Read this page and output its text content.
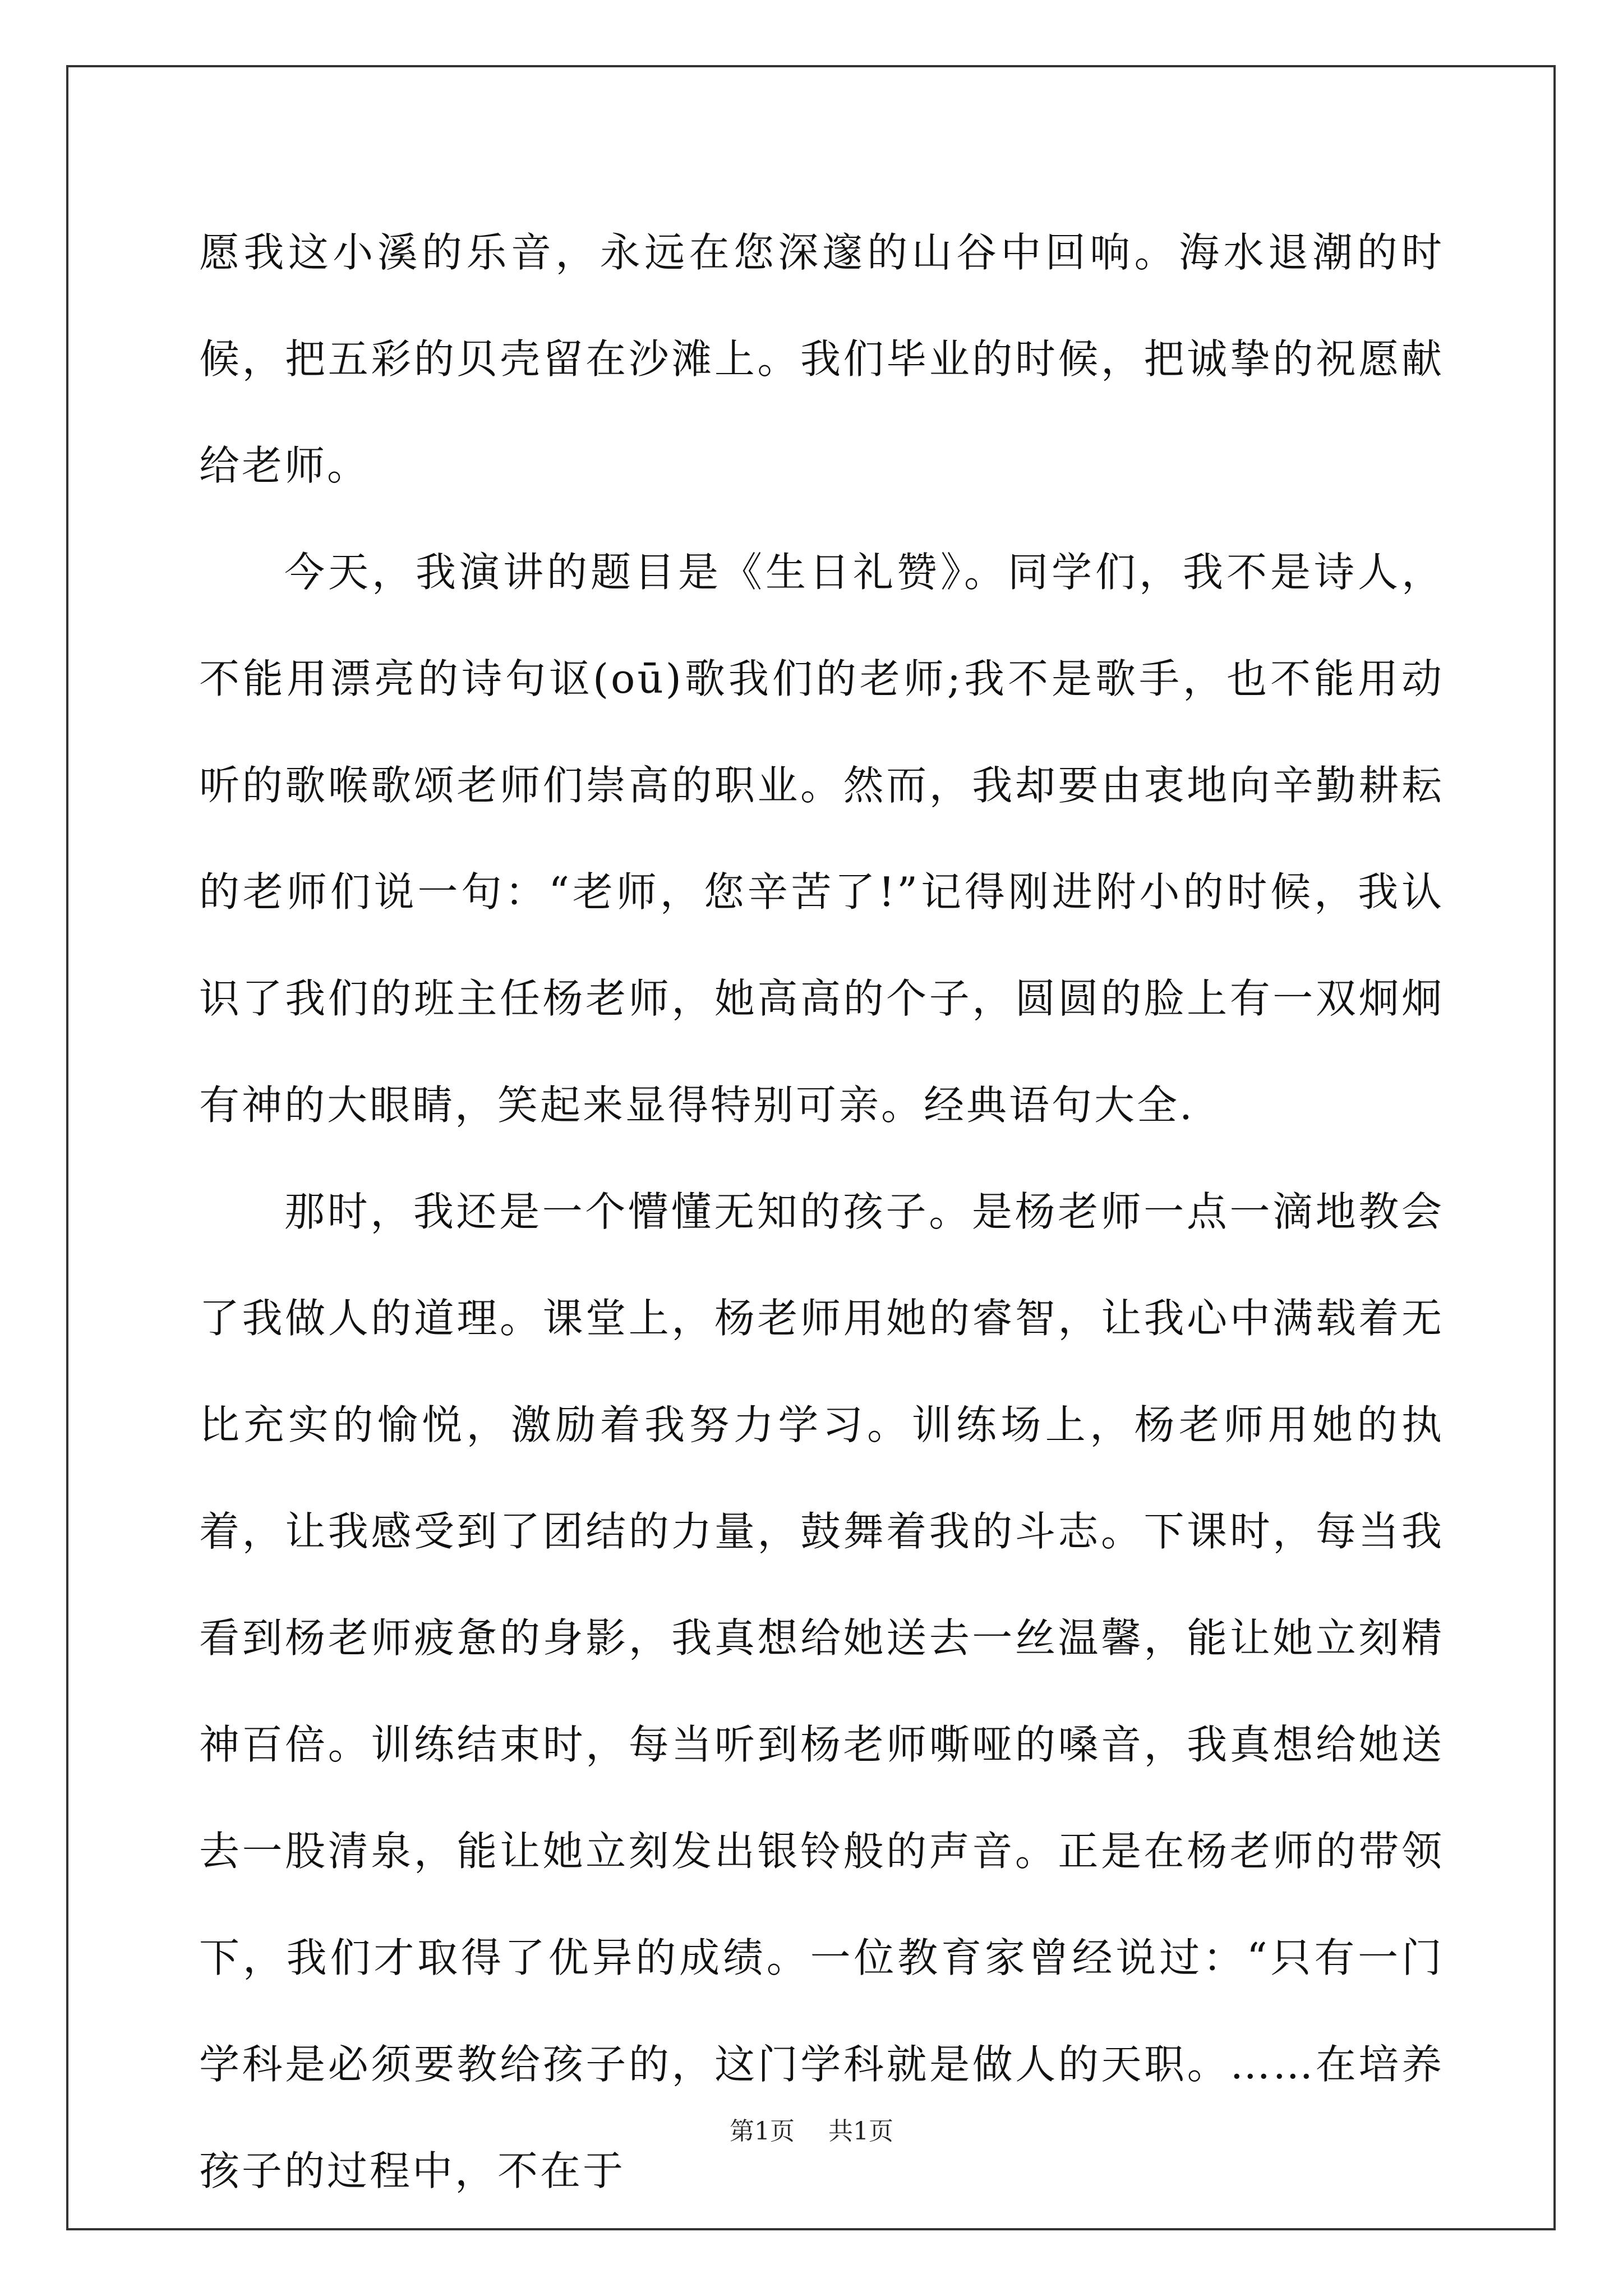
愿我这小溪的乐音，永远在您深邃的山谷中回响。海水退潮的时候，把五彩的贝壳留在沙滩上。我们毕业的时候，把诚挚的祝愿献给老师。

今天，我演讲的题目是《生日礼赞》。同学们，我不是诗人，不能用漂亮的诗句讴(oū)歌我们的老师;我不是歌手，也不能用动听的歌喉歌颂老师们崇高的职业。然而，我却要由衷地向辛勤耕耘的老师们说一句：“老师，您辛苦了!”记得刚进附小的时候，我认识了我们的班主任杨老师，她高高的个子，圆圆的脸上有一双炯炯有神的大眼睛，笑起来显得特别可亲。经典语句大全.

那时，我还是一个懵懂无知的孩子。是杨老师一点一滴地教会了我做人的道理。课堂上，杨老师用她的睿智，让我心中满载着无比充实的愉悦，激励着我努力学习。训练场上，杨老师用她的执着，让我感受到了团结的力量，鼓舞着我的斗志。下课时，每当我看到杨老师疲惫的身影，我真想给她送去一丝温馨，能让她立刻精神百倍。训练结束时，每当听到杨老师嘶哑的嗓音，我真想给她送去一股清泉，能让她立刻发出银铃般的声音。正是在杨老师的带领下，我们才取得了优异的成绩。一位教育家曾经说过：“只有一门学科是必须要教给孩子的，这门学科就是做人的天职。……在培养孩子的过程中，不在于

第1页 共1页
